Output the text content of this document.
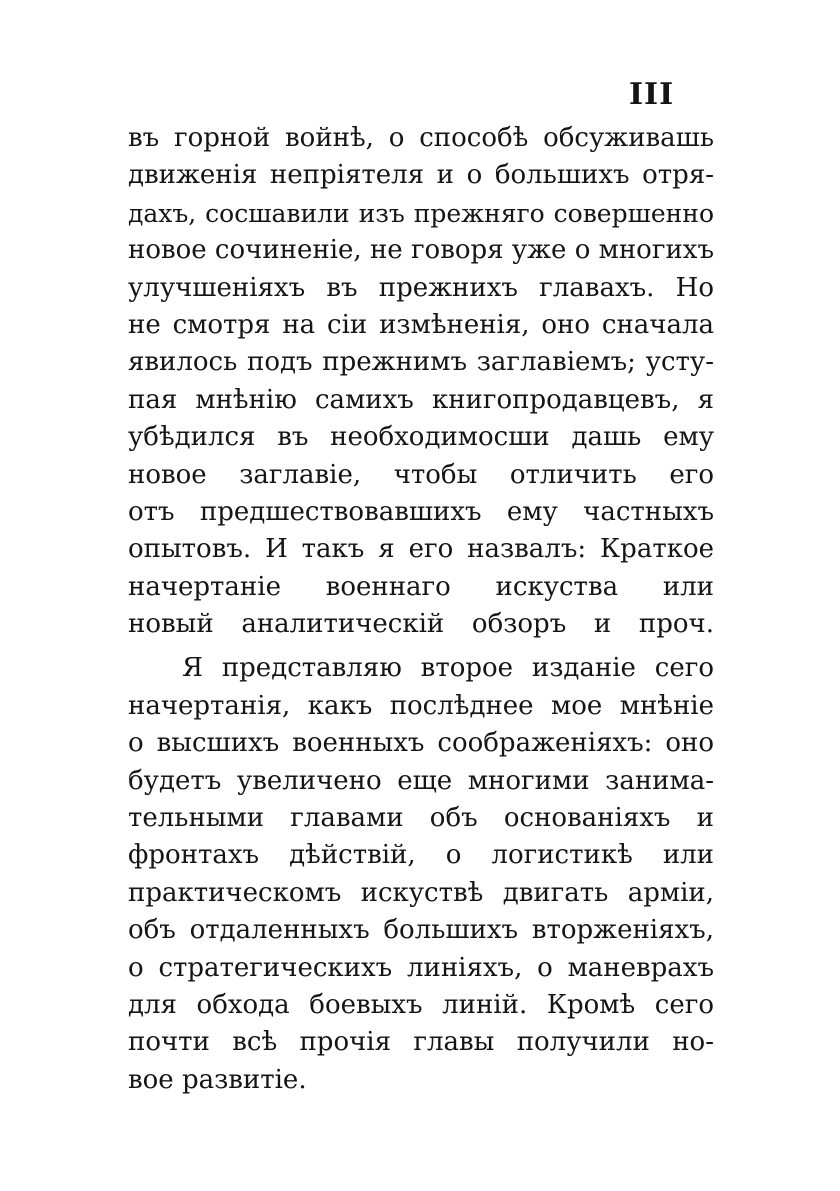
III
въ горной войнѣ, о способѣ обсуживашь
движенія непріятеля и о большихъ отря-
дахъ, сосшавили изъ прежняго совершенно
новое сочиненіе, не говоря уже о многихъ
улучшеніяхъ въ прежнихъ главахъ. Но
не смотря на сіи измѣненія, оно сначала
явилось подъ прежнимъ заглавіемъ; усту-
пая мнѣнію самихъ книгопродавцевъ, я
убѣдился въ необходимосши дашь ему
новое заглавіе, чтобы отличить его
отъ предшествовавшихъ ему частныхъ
опытовъ. И такъ я его назвалъ: Краткое
начертаніе военнаго искуства или
новый аналитическій обзоръ и проч.
Я представляю второе изданіе сего
начертанія, какъ послѣднее мое мнѣніе
о высшихъ военныхъ соображеніяхъ: оно
будетъ увеличено еще многими занима-
тельными главами объ основаніяхъ и
фронтахъ дѣйствій, о логистикѣ или
практическомъ искуствѣ двигать арміи,
объ отдаленныхъ большихъ вторженіяхъ,
о стратегическихъ линіяхъ, о маневрахъ
для обхода боевыхъ линій. Кромѣ сего
почти всѣ прочія главы получили но-
вое развитіе.
